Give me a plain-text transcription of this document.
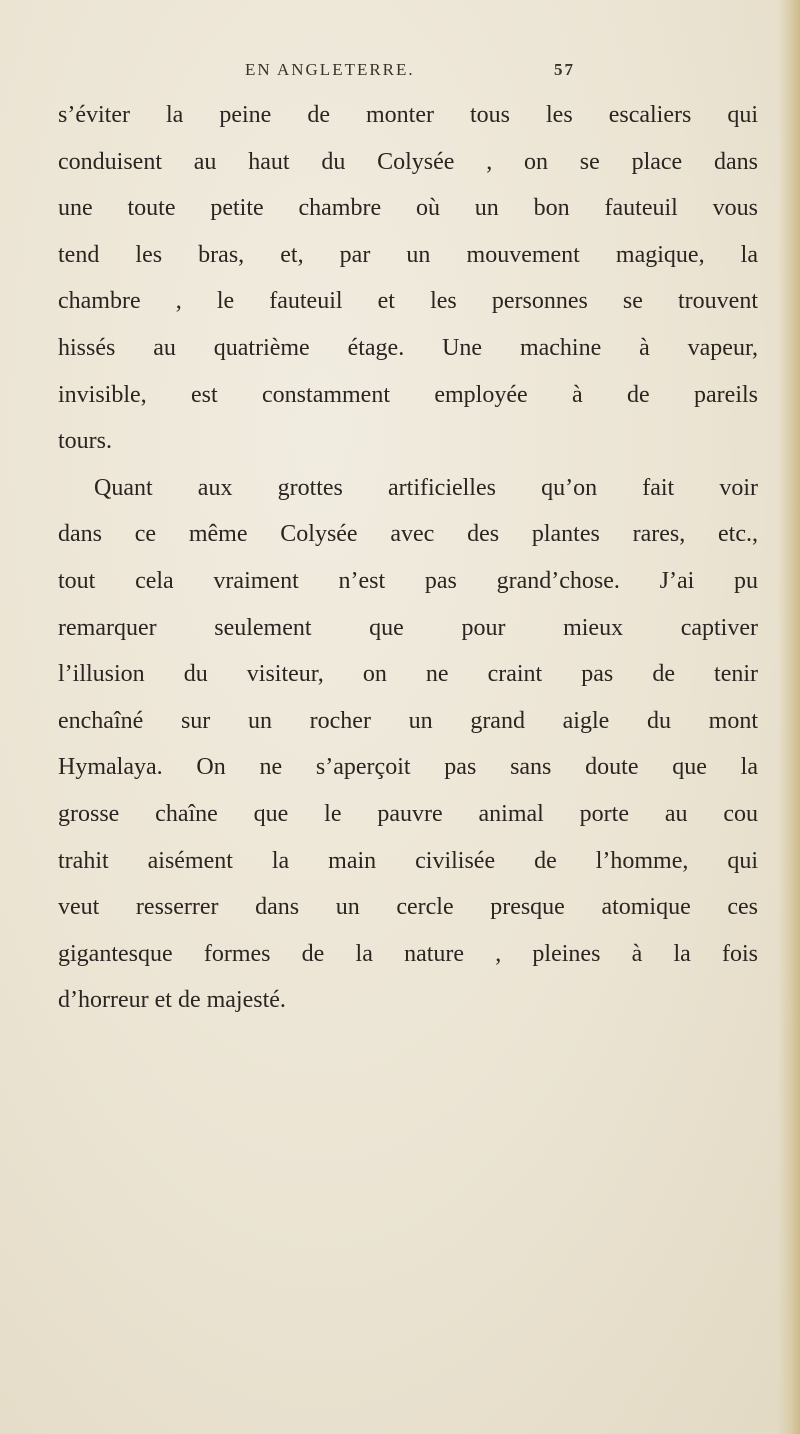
EN ANGLETERRE.	57
s’éviter la peine de monter tous les escaliers qui
conduisent au haut du Colysée , on se place dans
une toute petite chambre où un bon fauteuil vous
tend les bras, et, par un mouvement magique, la
chambre , le fauteuil et les personnes se trouvent
hissés au quatrième étage. Une machine à vapeur,
invisible, est constamment employée à de pareils
tours.
Quant aux grottes artificielles qu’on fait voir
dans ce même Colysée avec des plantes rares, etc.,
tout cela vraiment n’est pas grand’chose. J’ai pu
remarquer seulement que pour mieux captiver
l’illusion du visiteur, on ne craint pas de tenir
enchaîné sur un rocher un grand aigle du mont
Hymalaya. On ne s’aperçoit pas sans doute que la
grosse chaîne que le pauvre animal porte au cou
trahit aisément la main civilisée de l’homme, qui
veut resserrer dans un cercle presque atomique ces
gigantesque formes de la nature , pleines à la fois
d’horreur et de majesté.
